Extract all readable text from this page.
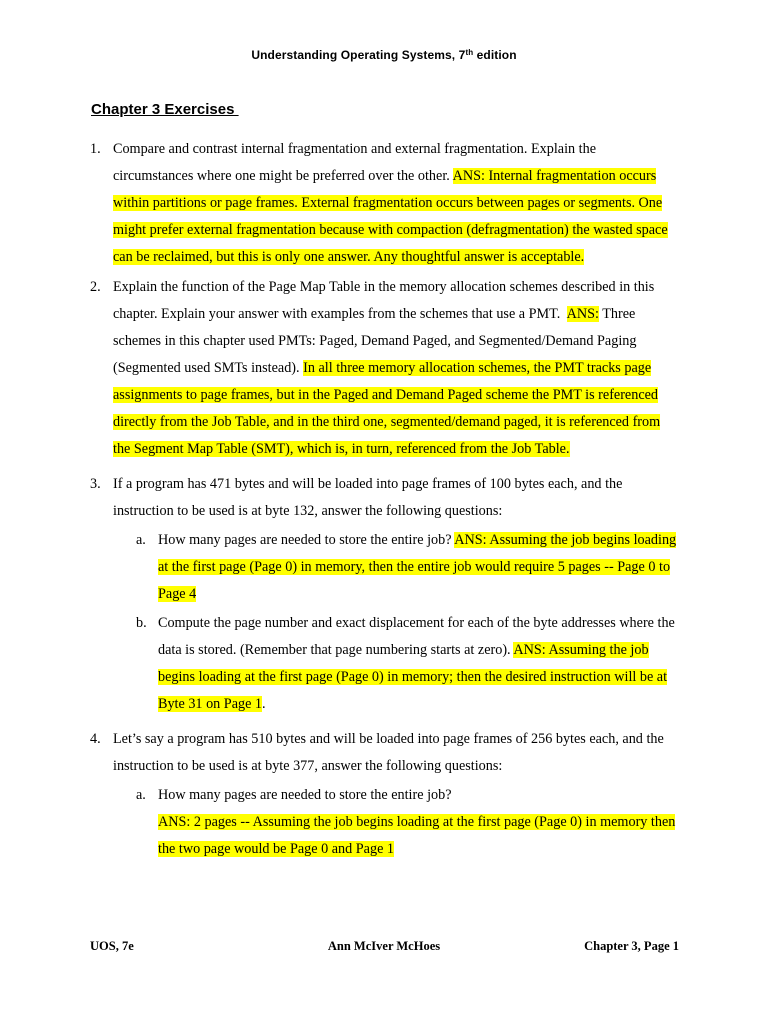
Understanding Operating Systems, 7th edition
Chapter 3 Exercises
1. Compare and contrast internal fragmentation and external fragmentation. Explain the circumstances where one might be preferred over the other. ANS: Internal fragmentation occurs within partitions or page frames. External fragmentation occurs between pages or segments. One might prefer external fragmentation because with compaction (defragmentation) the wasted space can be reclaimed, but this is only one answer. Any thoughtful answer is acceptable.
2. Explain the function of the Page Map Table in the memory allocation schemes described in this chapter. Explain your answer with examples from the schemes that use a PMT. ANS: Three schemes in this chapter used PMTs: Paged, Demand Paged, and Segmented/Demand Paging (Segmented used SMTs instead). In all three memory allocation schemes, the PMT tracks page assignments to page frames, but in the Paged and Demand Paged scheme the PMT is referenced directly from the Job Table, and in the third one, segmented/demand paged, it is referenced from the Segment Map Table (SMT), which is, in turn, referenced from the Job Table.
3. If a program has 471 bytes and will be loaded into page frames of 100 bytes each, and the instruction to be used is at byte 132, answer the following questions:
a. How many pages are needed to store the entire job? ANS: Assuming the job begins loading at the first page (Page 0) in memory, then the entire job would require 5 pages -- Page 0 to Page 4
b. Compute the page number and exact displacement for each of the byte addresses where the data is stored. (Remember that page numbering starts at zero). ANS: Assuming the job begins loading at the first page (Page 0) in memory; then the desired instruction will be at Byte 31 on Page 1.
4. Let’s say a program has 510 bytes and will be loaded into page frames of 256 bytes each, and the instruction to be used is at byte 377, answer the following questions:
a. How many pages are needed to store the entire job?
ANS: 2 pages -- Assuming the job begins loading at the first page (Page 0) in memory then the two page would be Page 0 and Page 1
UOS, 7e	Ann McIver McHoes	Chapter 3, Page 1
